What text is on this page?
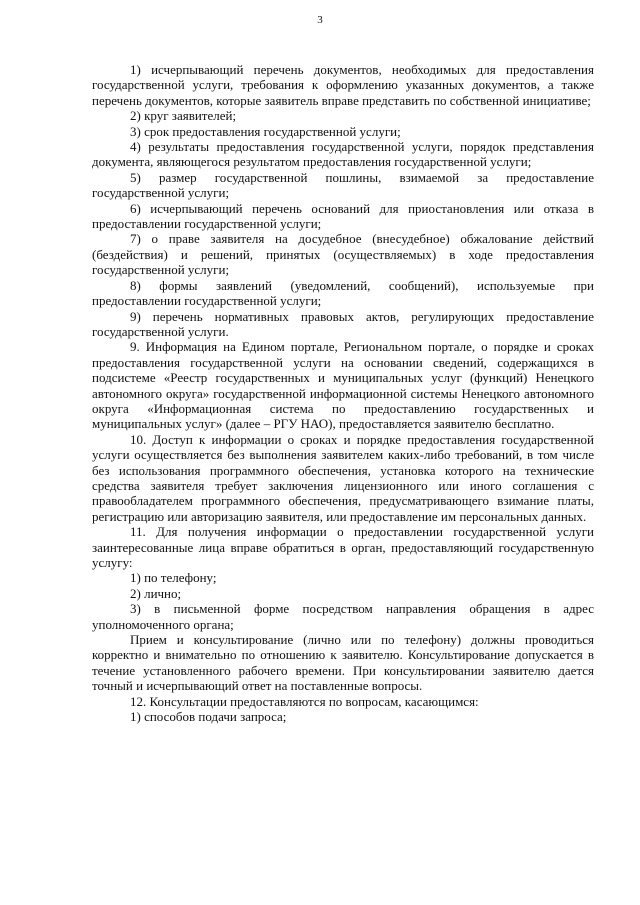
3

1) исчерпывающий перечень документов, необходимых для предоставления государственной услуги, требования к оформлению указанных документов, а также перечень документов, которые заявитель вправе представить по собственной инициативе;

2) круг заявителей;

3) срок предоставления государственной услуги;

4) результаты предоставления государственной услуги, порядок представления документа, являющегося результатом предоставления государственной услуги;

5) размер государственной пошлины, взимаемой за предоставление государственной услуги;

6) исчерпывающий перечень оснований для приостановления или отказа в предоставлении государственной услуги;

7) о праве заявителя на досудебное (внесудебное) обжалование действий (бездействия) и решений, принятых (осуществляемых) в ходе предоставления государственной услуги;

8) формы заявлений (уведомлений, сообщений), используемые при предоставлении государственной услуги;

9) перечень нормативных правовых актов, регулирующих предоставление государственной услуги.

9. Информация на Едином портале, Региональном портале, о порядке и сроках предоставления государственной услуги на основании сведений, содержащихся в подсистеме «Реестр государственных и муниципальных услуг (функций) Ненецкого автономного округа» государственной информационной системы Ненецкого автономного округа «Информационная система по предоставлению государственных и муниципальных услуг» (далее – РГУ НАО), предоставляется заявителю бесплатно.

10. Доступ к информации о сроках и порядке предоставления государственной услуги осуществляется без выполнения заявителем каких-либо требований, в том числе без использования программного обеспечения, установка которого на технические средства заявителя требует заключения лицензионного или иного соглашения с правообладателем программного обеспечения, предусматривающего взимание платы, регистрацию или авторизацию заявителя, или предоставление им персональных данных.

11. Для получения информации о предоставлении государственной услуги заинтересованные лица вправе обратиться в орган, предоставляющий государственную услугу:

1) по телефону;

2) лично;

3) в письменной форме посредством направления обращения в адрес уполномоченного органа;

Прием и консультирование (лично или по телефону) должны проводиться корректно и внимательно по отношению к заявителю. Консультирование допускается в течение установленного рабочего времени. При консультировании заявителю дается точный и исчерпывающий ответ на поставленные вопросы.

12. Консультации предоставляются по вопросам, касающимся:

1) способов подачи запроса;
